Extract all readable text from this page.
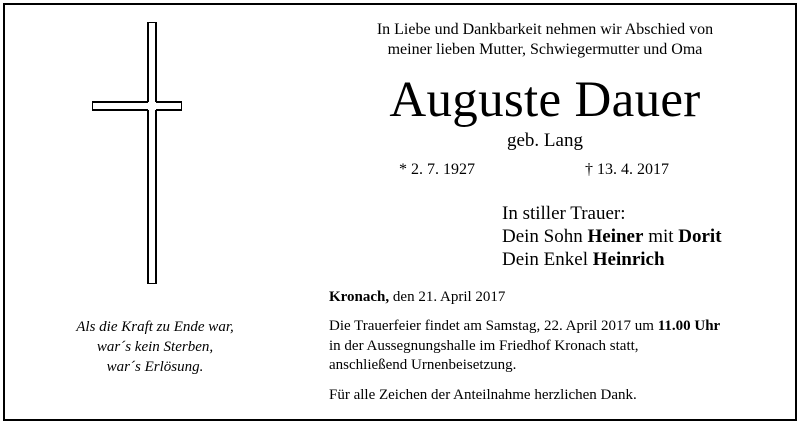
Als die Kraft zu Ende war,
war´s kein Sterben,
war´s Erlösung.
In Liebe und Dankbarkeit nehmen wir Abschied von
meiner lieben Mutter, Schwiegermutter und Oma
Auguste Dauer
geb. Lang
* 2. 7. 1927	† 13. 4. 2017
In stiller Trauer:
Dein Sohn Heiner mit Dorit
Dein Enkel Heinrich
Kronach, den 21. April 2017
Die Trauerfeier findet am Samstag, 22. April 2017 um 11.00 Uhr
in der Aussegnungshalle im Friedhof Kronach statt,
anschließend Urnenbeisetzung.
Für alle Zeichen der Anteilnahme herzlichen Dank.
